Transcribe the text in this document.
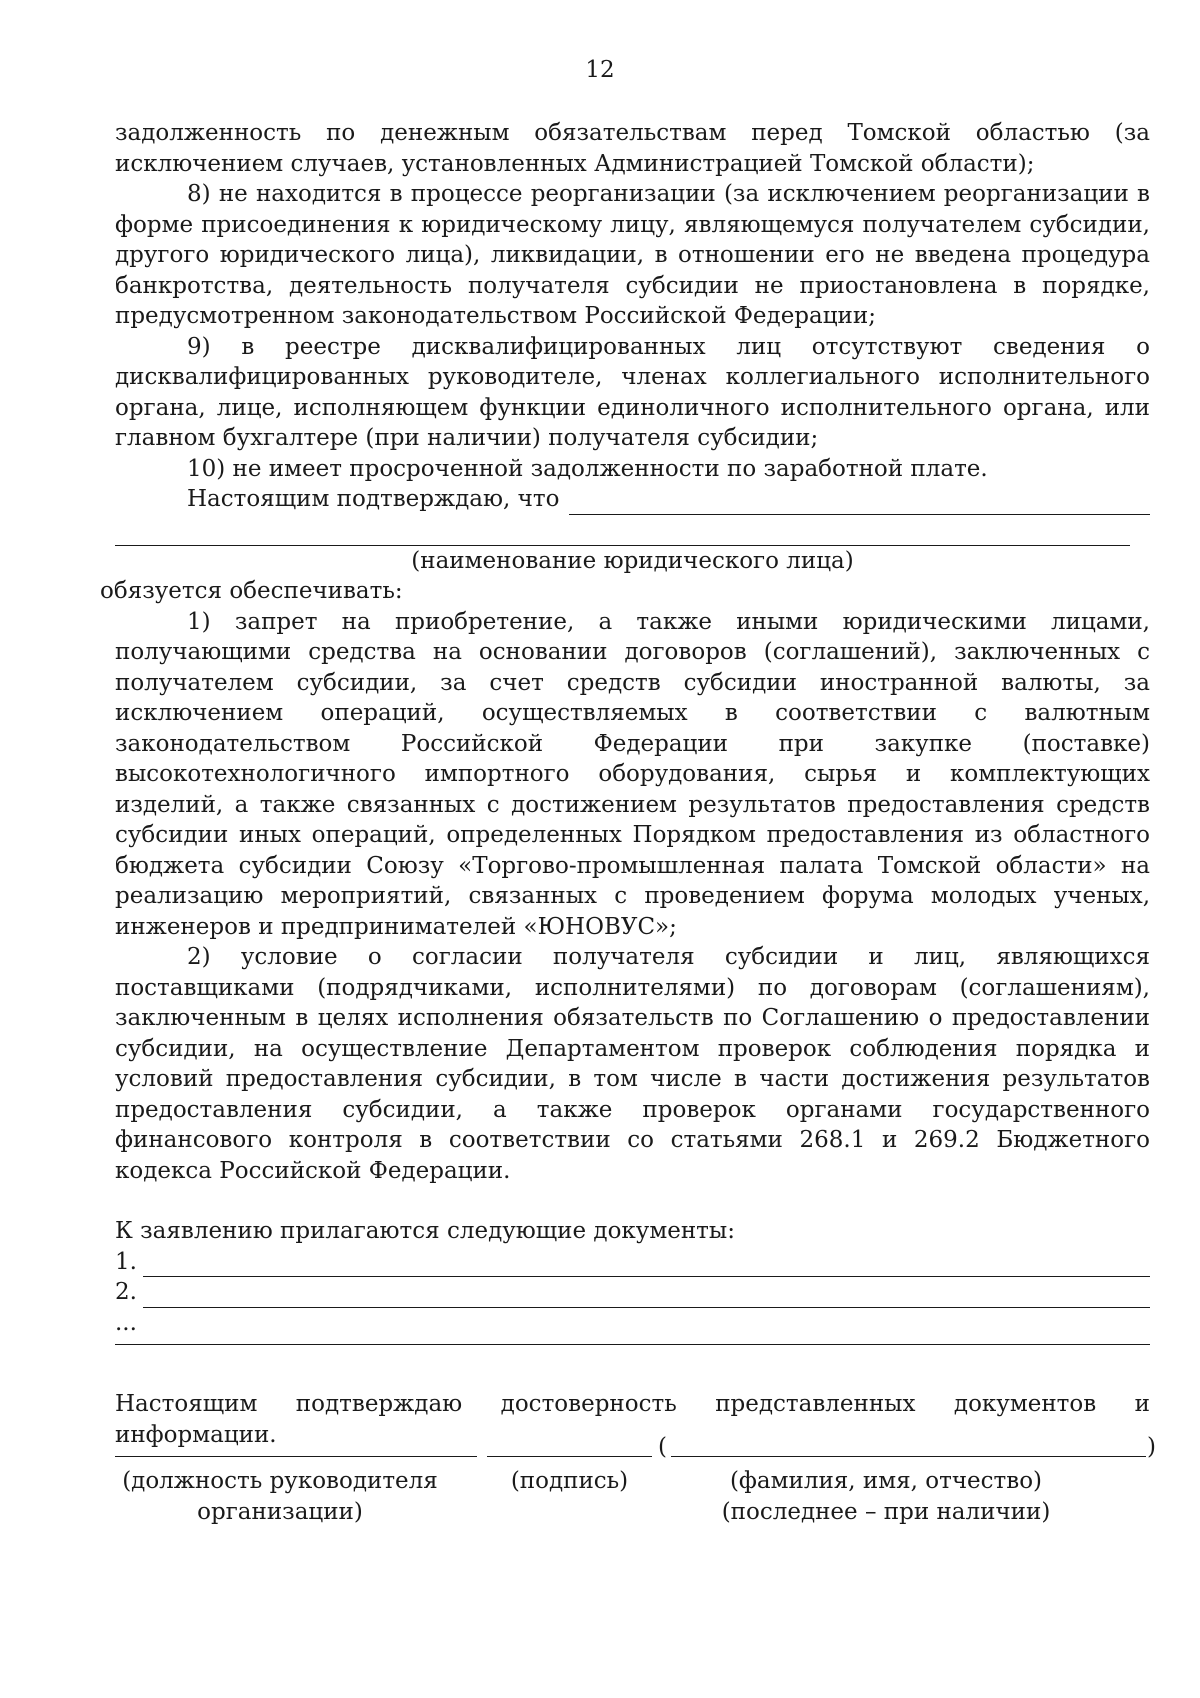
12

задолженность по денежным обязательствам перед Томской областью (за исключением случаев, установленных Администрацией Томской области);

8) не находится в процессе реорганизации (за исключением реорганизации в форме присоединения к юридическому лицу, являющемуся получателем субсидии, другого юридического лица), ликвидации, в отношении его не введена процедура банкротства, деятельность получателя субсидии не приостановлена в порядке, предусмотренном законодательством Российской Федерации;

9) в реестре дисквалифицированных лиц отсутствуют сведения о дисквалифицированных руководителе, членах коллегиального исполнительного органа, лице, исполняющем функции единоличного исполнительного органа, или главном бухгалтере (при наличии) получателя субсидии;

10) не имеет просроченной задолженности по заработной плате.

Настоящим подтверждаю, что

(наименование юридического лица)

обязуется обеспечивать:

1) запрет на приобретение, а также иными юридическими лицами, получающими средства на основании договоров (соглашений), заключенных с получателем субсидии, за счет средств субсидии иностранной валюты, за исключением операций, осуществляемых в соответствии с валютным законодательством Российской Федерации при закупке (поставке) высокотехнологичного импортного оборудования, сырья и комплектующих изделий, а также связанных с достижением результатов предоставления средств субсидии иных операций, определенных Порядком предоставления из областного бюджета субсидии Союзу «Торгово-промышленная палата Томской области» на реализацию мероприятий, связанных с проведением форума молодых ученых, инженеров и предпринимателей «ЮНОВУС»;

2) условие о согласии получателя субсидии и лиц, являющихся поставщиками (подрядчиками, исполнителями) по договорам (соглашениям), заключенным в целях исполнения обязательств по Соглашению о предоставлении субсидии, на осуществление Департаментом проверок соблюдения порядка и условий предоставления субсидии, в том числе в части достижения результатов предоставления субсидии, а также проверок органами государственного финансового контроля в соответствии со статьями 268.1 и 269.2 Бюджетного кодекса Российской Федерации.

К заявлению прилагаются следующие документы:

1.
2.

...

Настоящим подтверждаю достоверность представленных документов и информации.	(	)
(должность руководителя
организации)
(подпись)	(фамилия, имя, отчество)
(последнее – при наличии)
